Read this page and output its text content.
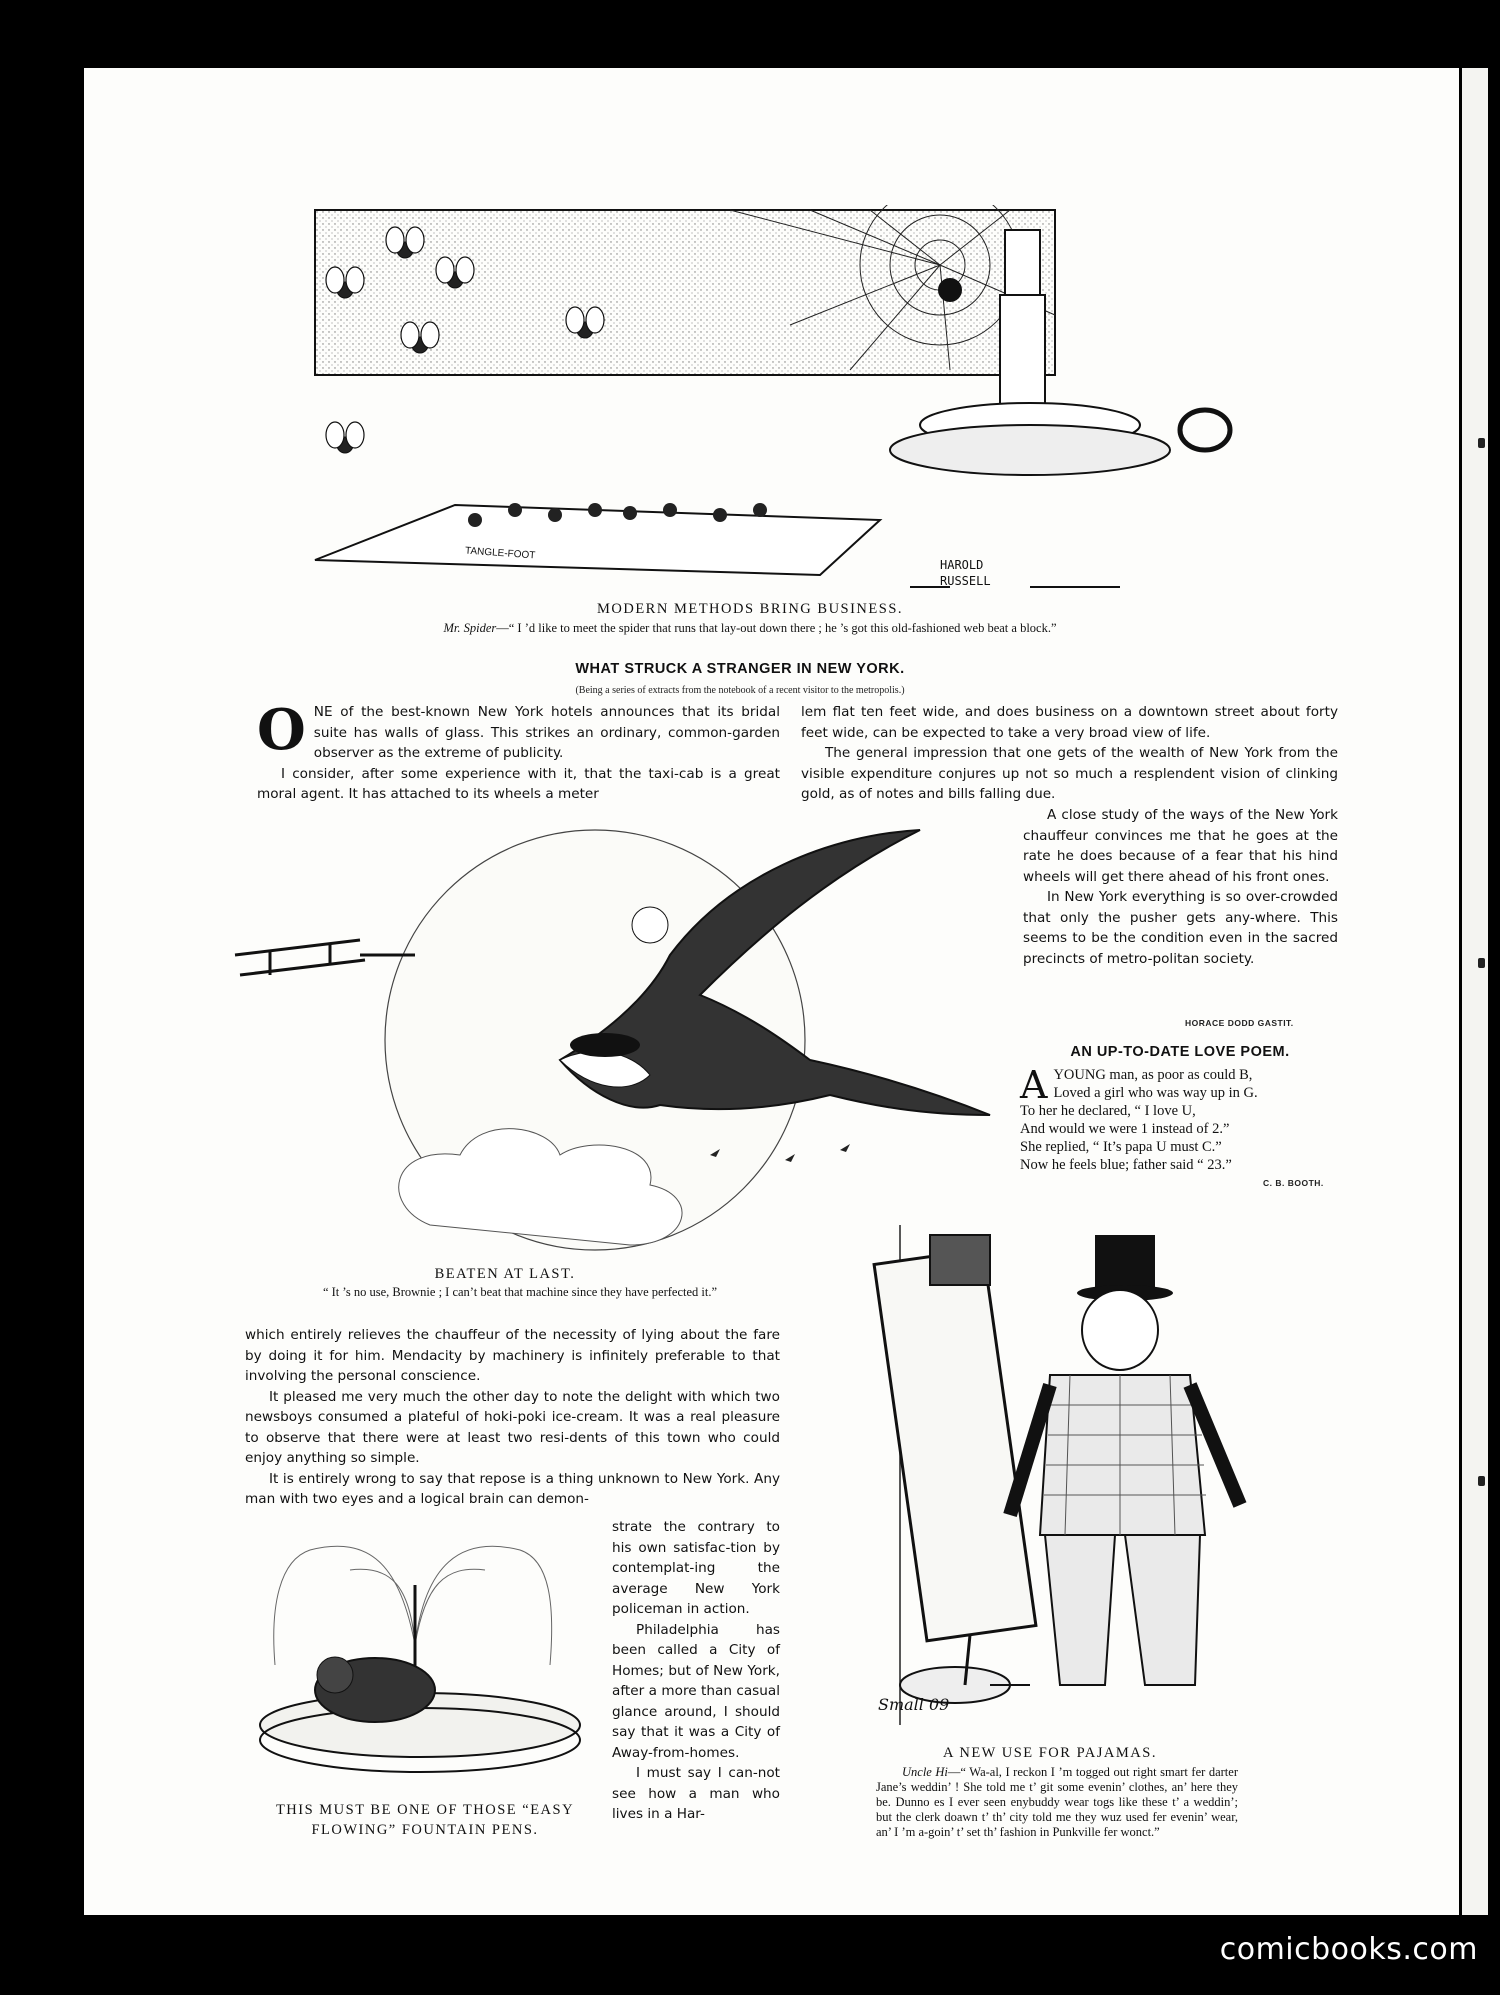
TANGLE-FOOT
HAROLD RUSSELL
MODERN METHODS BRING BUSINESS.
Mr. Spider—“ I ’d like to meet the spider that runs that lay-out down there ; he ’s got this old-fashioned web beat a block.”
WHAT STRUCK A STRANGER IN NEW YORK.
(Being a series of extracts from the notebook of a recent visitor to the metropolis.)

ONE of the best-known New York hotels announces that its bridal suite has walls of glass. This strikes an ordinary, common-garden observer as the extreme of publicity.

I consider, after some experience with it, that the taxi-cab is a great moral agent. It has attached to its wheels a meter

lem flat ten feet wide, and does business on a downtown street about forty feet wide, can be expected to take a very broad view of life.

The general impression that one gets of the wealth of New York from the visible expenditure conjures up not so much a resplendent vision of clinking gold, as of notes and bills falling due.

A close study of the ways of the New York chauffeur convinces me that he goes at the rate he does because of a fear that his hind wheels will get there ahead of his front ones.

In New York everything is so over-crowded that only the pusher gets any-where. This seems to be the condition even in the sacred precincts of metro-politan society.

HORACE DODD GASTIT.
BEATEN AT LAST.
“ It ’s no use, Brownie ; I can’t beat that machine since they have perfected it.”
AN UP-TO-DATE LOVE POEM.
A YOUNG man, as poor as could B,
Loved a girl who was way up in G.
To her he declared, “ I love U,
And would we were 1 instead of 2.”
She replied, “ It’s papa U must C.”
Now he feels blue; father said “ 23.”
C. B. BOOTH.

which entirely relieves the chauffeur of the necessity of lying about the fare by doing it for him. Mendacity by machinery is infinitely preferable to that involving the personal conscience.

It pleased me very much the other day to note the delight with which two newsboys consumed a plateful of hoki-poki ice-cream. It was a real pleasure to observe that there were at least two resi-dents of this town who could enjoy anything so simple.

It is entirely wrong to say that repose is a thing unknown to New York. Any man with two eyes and a logical brain can demon-

strate the contrary to his own satisfac-tion by contemplat-ing the average New York policeman in action.

Philadelphia has been called a City of Homes; but of New York, after a more than casual glance around, I should say that it was a City of Away-from-homes.

I must say I can-not see how a man who lives in a Har-

THIS MUST BE ONE OF THOSE “EASY
FLOWING” FOUNTAIN PENS.
Small 09
A NEW USE FOR PAJAMAS.
Uncle Hi—“ Wa-al, I reckon I ’m togged out right smart fer darter Jane’s weddin’ ! She told me t’ git some evenin’ clothes, an’ here they be. Dunno es I ever seen enybuddy wear togs like these t’ a weddin’; but the clerk doawn t’ th’ city told me they wuz used fer evenin’ wear, an’ I ’m a-goin’ t’ set th’ fashion in Punkville fer wonct.”
comicbooks.com
